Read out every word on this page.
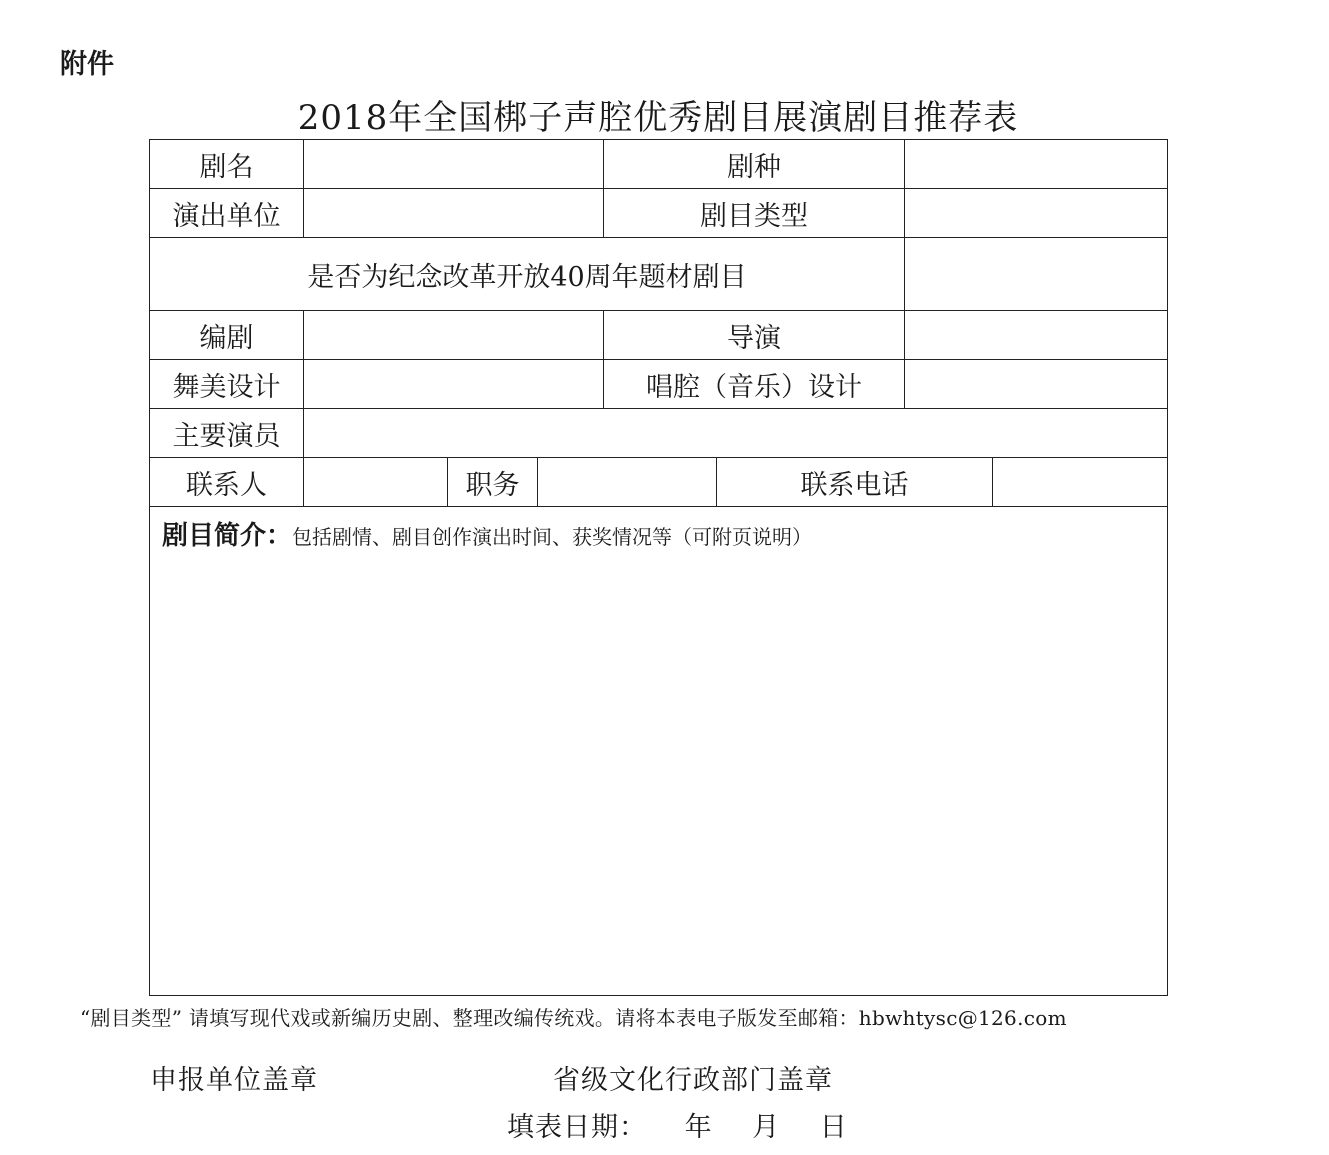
附件
2018年全国梆子声腔优秀剧目展演剧目推荐表
剧名				剧种			
演出单位				剧目类型			
是否为纪念改革开放40周年题材剧目							
编剧				导演			
舞美设计				唱腔（音乐）设计			
主要演员							
联系人		职务			联系电话		

剧目简介：包括剧情、剧目创作演出时间、获奖情况等（可附页说明）							
“剧目类型” 请填写现代戏或新编历史剧、整理改编传统戏。请将本表电子版发至邮箱：hbwhtysc@126.com
申报单位盖章	省级文化行政部门盖章
填表日期： 年 月 日
